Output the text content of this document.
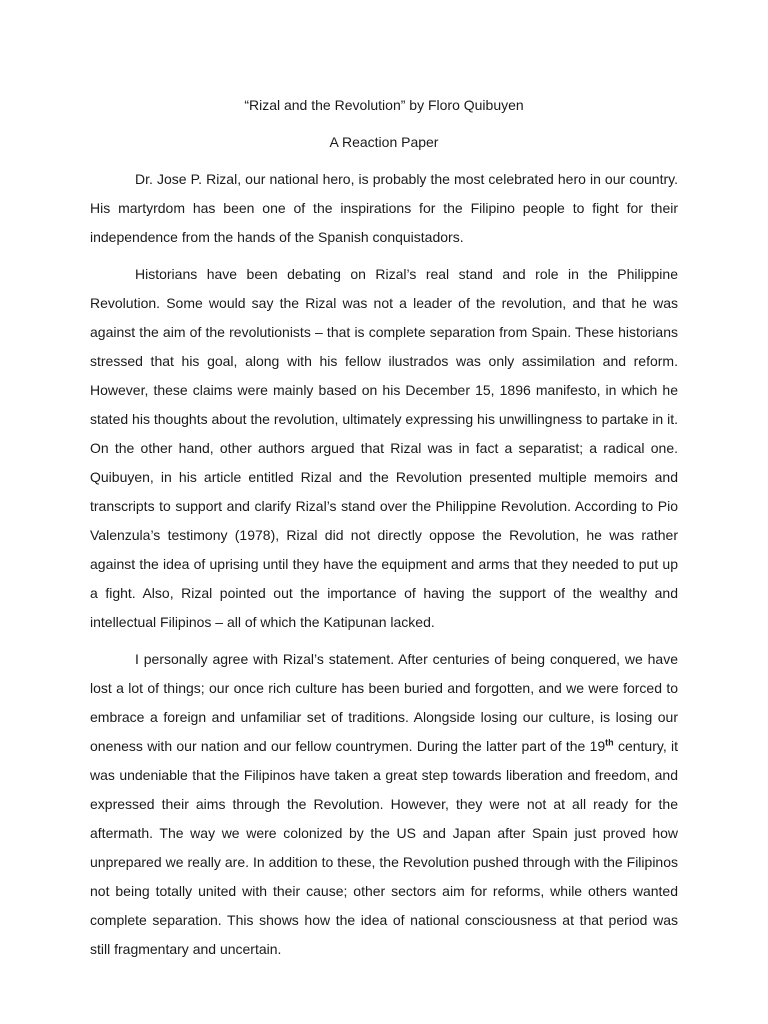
“Rizal and the Revolution” by Floro Quibuyen

A Reaction Paper

Dr. Jose P. Rizal, our national hero, is probably the most celebrated hero in our country. His martyrdom has been one of the inspirations for the Filipino people to fight for their independence from the hands of the Spanish conquistadors.

Historians have been debating on Rizal’s real stand and role in the Philippine Revolution. Some would say the Rizal was not a leader of the revolution, and that he was against the aim of the revolutionists – that is complete separation from Spain. These historians stressed that his goal, along with his fellow ilustrados was only assimilation and reform. However, these claims were mainly based on his December 15, 1896 manifesto, in which he stated his thoughts about the revolution, ultimately expressing his unwillingness to partake in it. On the other hand, other authors argued that Rizal was in fact a separatist; a radical one. Quibuyen, in his article entitled Rizal and the Revolution presented multiple memoirs and transcripts to support and clarify Rizal’s stand over the Philippine Revolution. According to Pio Valenzula’s testimony (1978), Rizal did not directly oppose the Revolution, he was rather against the idea of uprising until they have the equipment and arms that they needed to put up a fight. Also, Rizal pointed out the importance of having the support of the wealthy and intellectual Filipinos – all of which the Katipunan lacked.

I personally agree with Rizal’s statement. After centuries of being conquered, we have lost a lot of things; our once rich culture has been buried and forgotten, and we were forced to embrace a foreign and unfamiliar set of traditions. Alongside losing our culture, is losing our oneness with our nation and our fellow countrymen. During the latter part of the 19th century, it was undeniable that the Filipinos have taken a great step towards liberation and freedom, and expressed their aims through the Revolution. However, they were not at all ready for the aftermath. The way we were colonized by the US and Japan after Spain just proved how unprepared we really are. In addition to these, the Revolution pushed through with the Filipinos not being totally united with their cause; other sectors aim for reforms, while others wanted complete separation. This shows how the idea of national consciousness at that period was still fragmentary and uncertain.
